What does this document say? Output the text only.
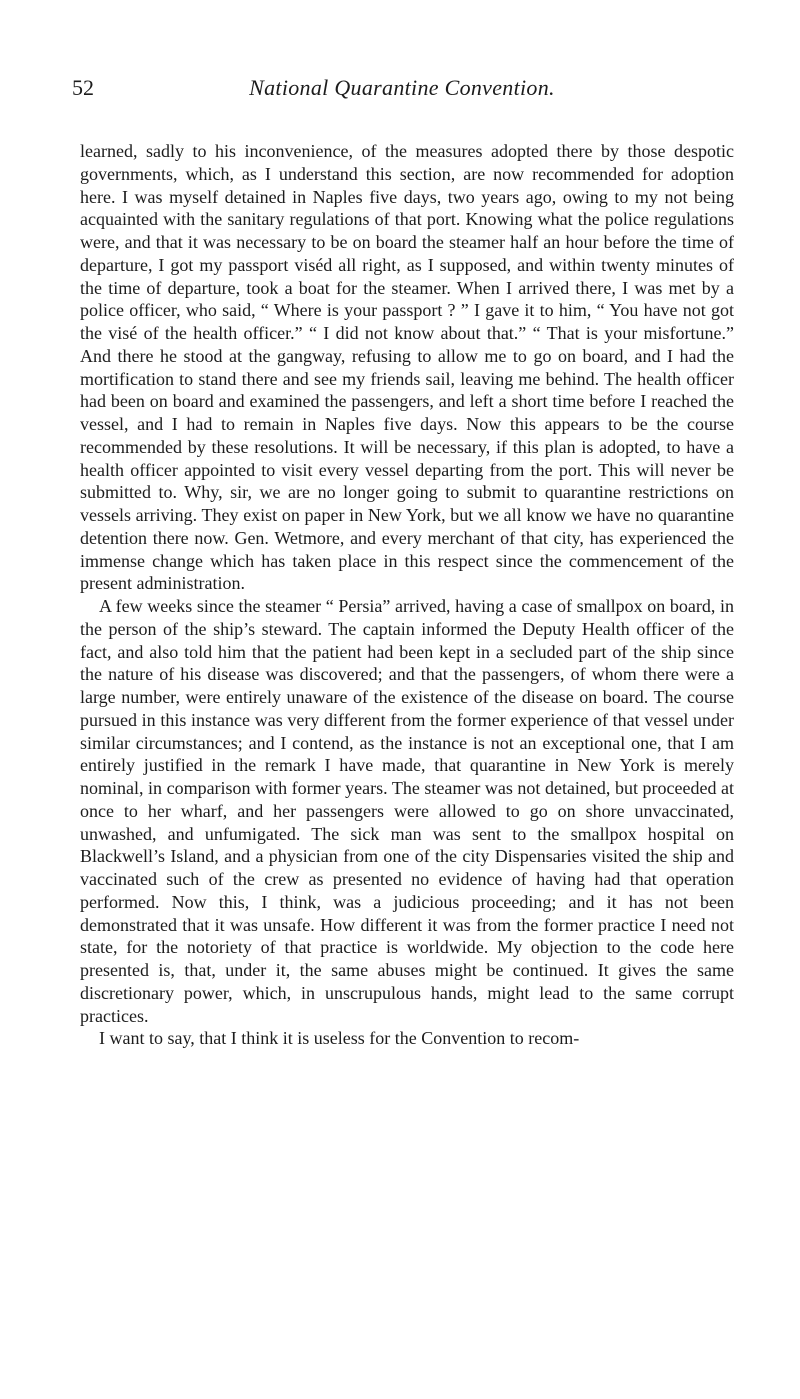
52	National Quarantine Convention.

learned, sadly to his inconvenience, of the measures adopted there by those despotic governments, which, as I understand this section, are now recommended for adoption here. I was myself detained in Naples five days, two years ago, owing to my not being acquainted with the sanitary regulations of that port. Knowing what the police regulations were, and that it was necessary to be on board the steamer half an hour before the time of departure, I got my passport viséd all right, as I supposed, and within twenty minutes of the time of departure, took a boat for the steamer. When I arrived there, I was met by a police officer, who said, “ Where is your passport ? ” I gave it to him, “ You have not got the visé of the health officer.” “ I did not know about that.” “ That is your misfortune.” And there he stood at the gangway, refusing to allow me to go on board, and I had the mortification to stand there and see my friends sail, leaving me behind. The health officer had been on board and examined the passengers, and left a short time before I reached the vessel, and I had to remain in Naples five days. Now this appears to be the course recommended by these resolutions. It will be necessary, if this plan is adopted, to have a health officer appointed to visit every vessel departing from the port. This will never be submitted to. Why, sir, we are no longer going to submit to quarantine restrictions on vessels arriving. They exist on paper in New York, but we all know we have no quarantine detention there now. Gen. Wetmore, and every merchant of that city, has experienced the immense change which has taken place in this respect since the commencement of the present administration.

A few weeks since the steamer “ Persia” arrived, having a case of smallpox on board, in the person of the ship’s steward. The captain informed the Deputy Health officer of the fact, and also told him that the patient had been kept in a secluded part of the ship since the nature of his disease was discovered; and that the passengers, of whom there were a large number, were entirely unaware of the existence of the disease on board. The course pursued in this instance was very different from the former experience of that vessel under similar circumstances; and I contend, as the instance is not an exceptional one, that I am entirely justified in the remark I have made, that quarantine in New York is merely nominal, in comparison with former years. The steamer was not detained, but proceeded at once to her wharf, and her passengers were allowed to go on shore unvaccinated, unwashed, and unfumigated. The sick man was sent to the smallpox hospital on Blackwell’s Island, and a physician from one of the city Dispensaries visited the ship and vaccinated such of the crew as presented no evidence of having had that operation performed. Now this, I think, was a judicious proceeding; and it has not been demonstrated that it was unsafe. How different it was from the former practice I need not state, for the notoriety of that practice is worldwide. My objection to the code here presented is, that, under it, the same abuses might be continued. It gives the same discretionary power, which, in unscrupulous hands, might lead to the same corrupt practices.

I want to say, that I think it is useless for the Convention to recom-
